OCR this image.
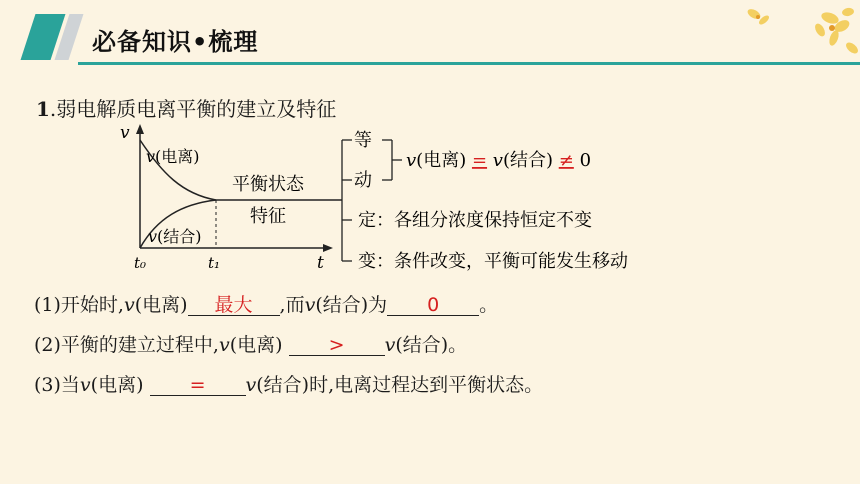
必备知识•梳理
1.弱电解质电离平衡的建立及特征
v
t
t₀	t₁
v(电离)
v(结合)
平衡状态
特征
等
动
v(电离) = v(结合) ≠ 0
定：各组分浓度保持恒定不变
变：条件改变，平衡可能发生移动
(1)开始时,v(电离) 最大 ,而v(结合)为 0 。
(2)平衡的建立过程中,v(电离) > v(结合)。
(3)当v(电离) = v(结合)时,电离过程达到平衡状态。
